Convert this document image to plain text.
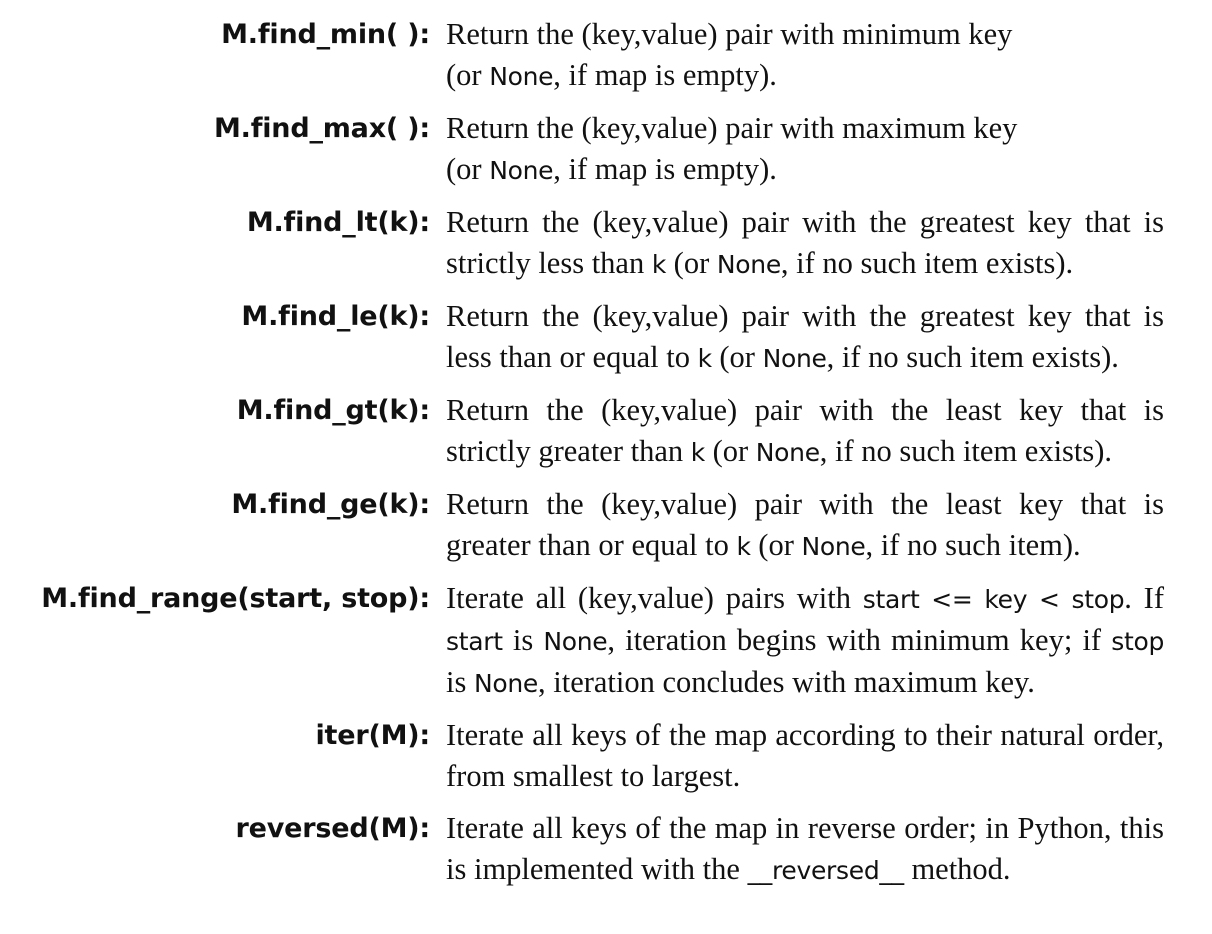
M.find_min( ): Return the (key,value) pair with minimum key
(or None, if map is empty).
M.find_max( ): Return the (key,value) pair with maximum key
(or None, if map is empty).
M.find_lt(k): Return the (key,value) pair with the greatest key that is strictly less than k (or None, if no such item exists).
M.find_le(k): Return the (key,value) pair with the greatest key that is less than or equal to k (or None, if no such item exists).
M.find_gt(k): Return the (key,value) pair with the least key that is strictly greater than k (or None, if no such item exists).
M.find_ge(k): Return the (key,value) pair with the least key that is greater than or equal to k (or None, if no such item).
M.find_range(start, stop): Iterate all (key,value) pairs with start <= key < stop. If start is None, iteration begins with minimum key; if stop is None, iteration concludes with maximum key.
iter(M): Iterate all keys of the map according to their natural order, from smallest to largest.
reversed(M): Iterate all keys of the map in reverse order; in Python, this is implemented with the __reversed__ method.
